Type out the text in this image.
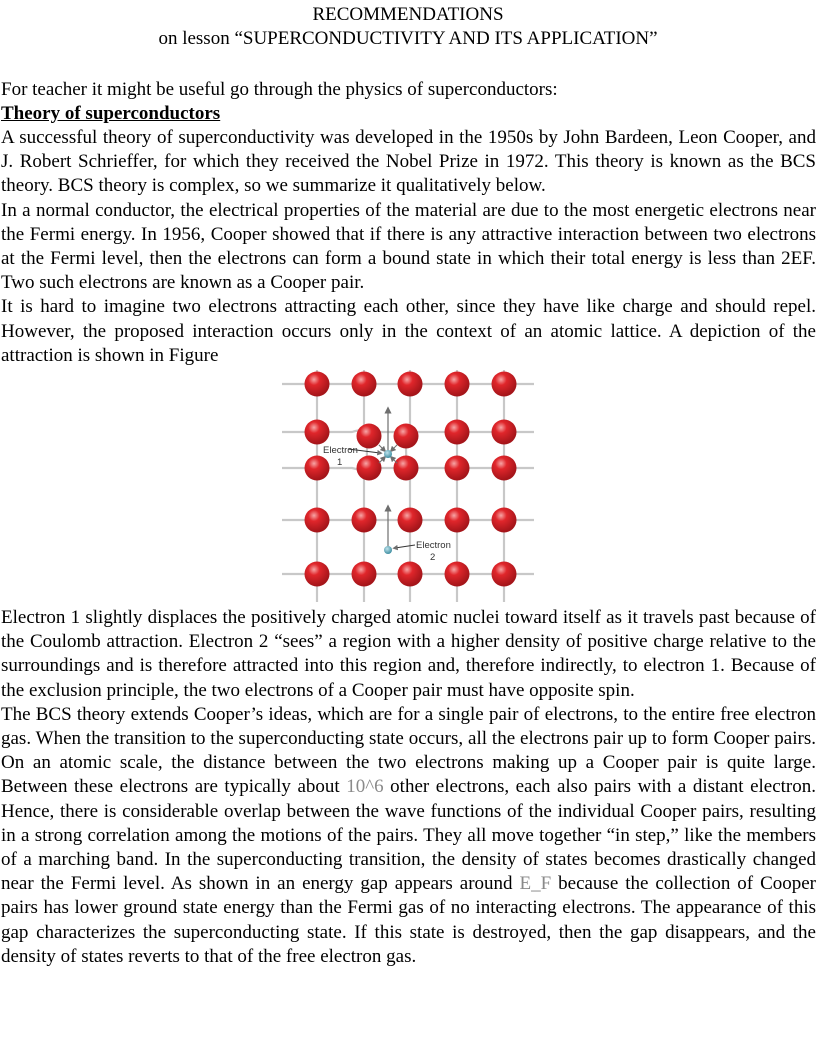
RECOMMENDATIONS
on lesson “SUPERCONDUCTIVITY AND ITS APPLICATION”
For teacher it might be useful go through the physics of superconductors:
Theory of superconductors

A successful theory of superconductivity was developed in the 1950s by John Bardeen, Leon Cooper, and J. Robert Schrieffer, for which they received the Nobel Prize in 1972. This theory is known as the BCS theory. BCS theory is complex, so we summarize it qualitatively below.

In a normal conductor, the electrical properties of the material are due to the most energetic electrons near the Fermi energy. In 1956, Cooper showed that if there is any attractive interaction between two electrons at the Fermi level, then the electrons can form a bound state in which their total energy is less than 2EF. Two such electrons are known as a Cooper pair.

It is hard to imagine two electrons attracting each other, since they have like charge and should repel. However, the proposed interaction occurs only in the context of an atomic lattice. A depiction of the attraction is shown in Figure

Electron
1
Electron
2

Electron 1 slightly displaces the positively charged atomic nuclei toward itself as it travels past because of the Coulomb attraction. Electron 2 “sees” a region with a higher density of positive charge relative to the surroundings and is therefore attracted into this region and, therefore indirectly, to electron 1. Because of the exclusion principle, the two electrons of a Cooper pair must have opposite spin.

The BCS theory extends Cooper’s ideas, which are for a single pair of electrons, to the entire free electron gas. When the transition to the superconducting state occurs, all the electrons pair up to form Cooper pairs. On an atomic scale, the distance between the two electrons making up a Cooper pair is quite large. Between these electrons are typically about 10^6 other electrons, each also pairs with a distant electron. Hence, there is considerable overlap between the wave functions of the individual Cooper pairs, resulting in a strong correlation among the motions of the pairs. They all move together “in step,” like the members of a marching band. In the superconducting transition, the density of states becomes drastically changed near the Fermi level. As shown in an energy gap appears around E_F because the collection of Cooper pairs has lower ground state energy than the Fermi gas of no interacting electrons. The appearance of this gap characterizes the superconducting state. If this state is destroyed, then the gap disappears, and the density of states reverts to that of the free electron gas.
